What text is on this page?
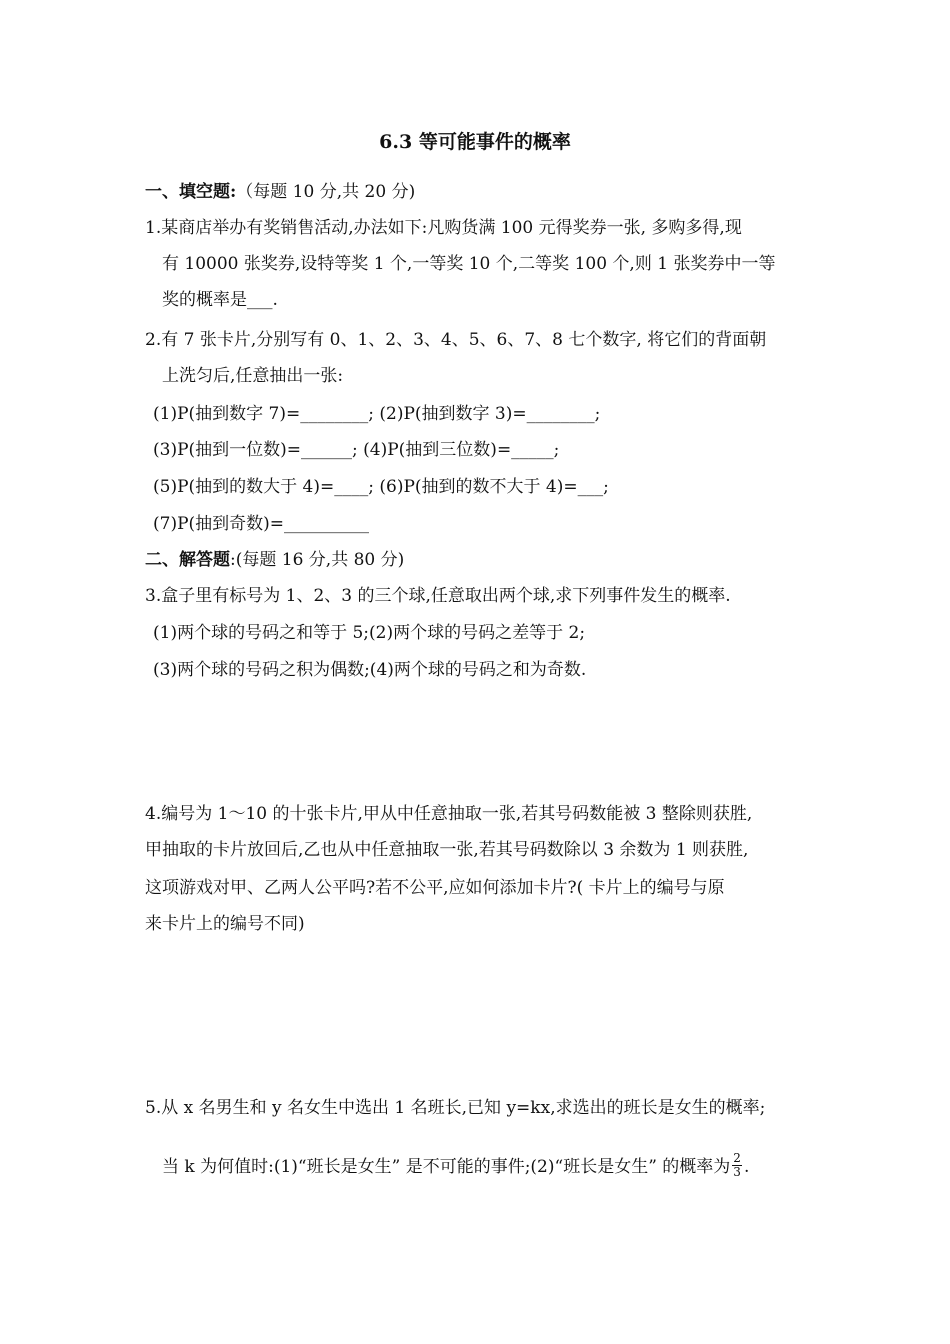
6.3 等可能事件的概率
一、填空题:（每题 10 分,共 20 分)
1.某商店举办有奖销售活动,办法如下:凡购货满 100 元得奖券一张, 多购多得,现
有 10000 张奖券,设特等奖 1 个,一等奖 10 个,二等奖 100 个,则 1 张奖券中一等
奖的概率是___.
2.有 7 张卡片,分别写有 0、1、2、3、4、5、6、7、8 七个数字, 将它们的背面朝
上洗匀后,任意抽出一张:
(1)P(抽到数字 7)=________; (2)P(抽到数字 3)=________;
(3)P(抽到一位数)=______; (4)P(抽到三位数)=_____;
(5)P(抽到的数大于 4)=____; (6)P(抽到的数不大于 4)=___;
(7)P(抽到奇数)=__________
二、解答题:(每题 16 分,共 80 分)
3.盒子里有标号为 1、2、3 的三个球,任意取出两个球,求下列事件发生的概率.
(1)两个球的号码之和等于 5;(2)两个球的号码之差等于 2;
(3)两个球的号码之积为偶数;(4)两个球的号码之和为奇数.
4.编号为 1～10 的十张卡片,甲从中任意抽取一张,若其号码数能被 3 整除则获胜,
甲抽取的卡片放回后,乙也从中任意抽取一张,若其号码数除以 3 余数为 1 则获胜,
这项游戏对甲、乙两人公平吗?若不公平,应如何添加卡片?( 卡片上的编号与原
来卡片上的编号不同)
5.从 x 名男生和 y 名女生中选出 1 名班长,已知 y=kx,求选出的班长是女生的概率;
当 k 为何值时:(1)“班长是女生” 是不可能的事件;(2)“班长是女生” 的概率为 $\frac{2}{3}$ .
